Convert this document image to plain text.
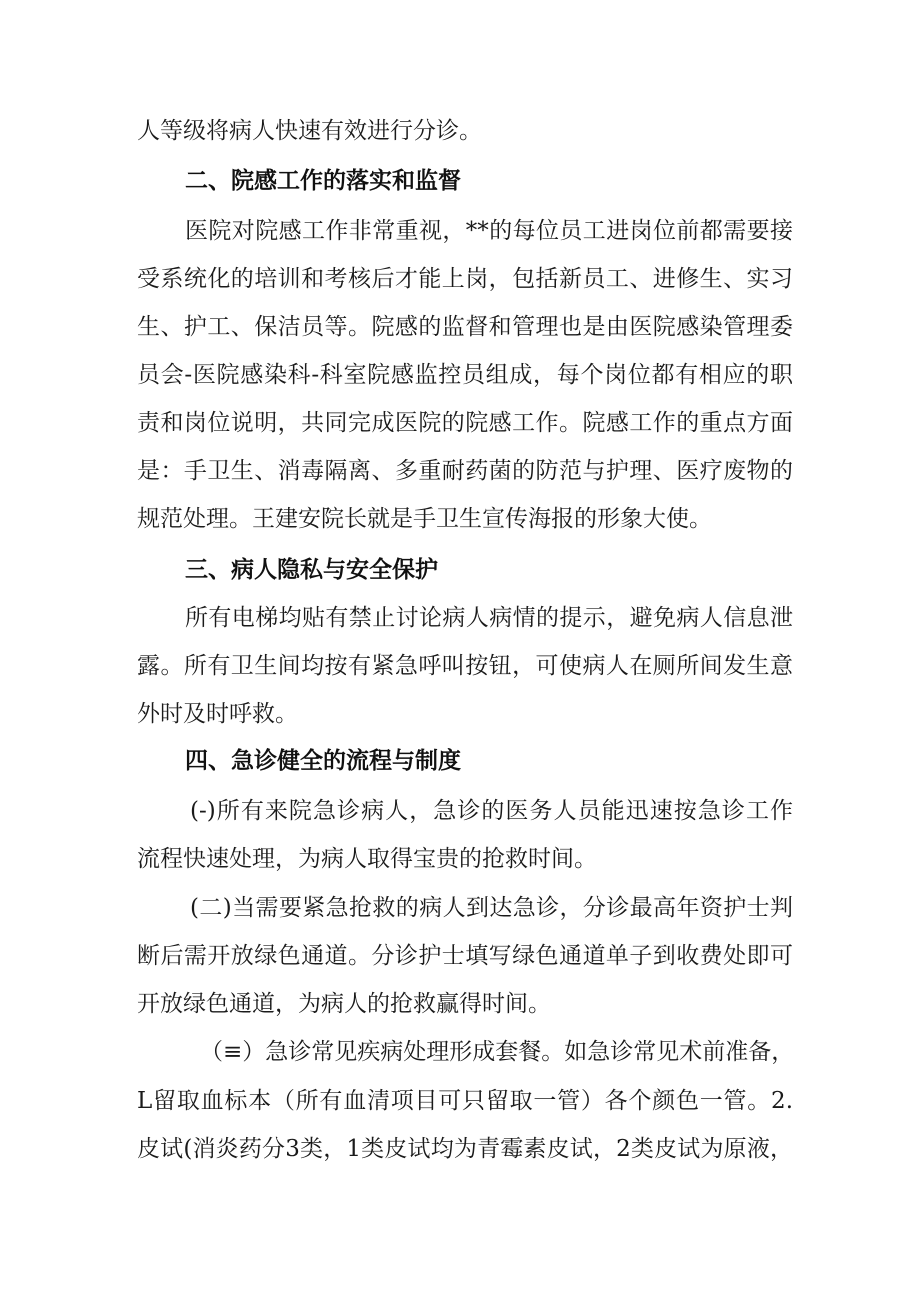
人等级将病人快速有效进行分诊。

二、院感工作的落实和监督

医院对院感工作非常重视，**的每位员工进岗位前都需要接

受系统化的培训和考核后才能上岗，包括新员工、进修生、实习

生、护工、保洁员等。院感的监督和管理也是由医院感染管理委

员会-医院感染科-科室院感监控员组成，每个岗位都有相应的职

责和岗位说明，共同完成医院的院感工作。院感工作的重点方面

是：手卫生、消毒隔离、多重耐药菌的防范与护理、医疗废物的

规范处理。王建安院长就是手卫生宣传海报的形象大使。

三、病人隐私与安全保护

所有电梯均贴有禁止讨论病人病情的提示，避免病人信息泄

露。所有卫生间均按有紧急呼叫按钮，可使病人在厕所间发生意

外时及时呼救。

四、急诊健全的流程与制度

(-)所有来院急诊病人，急诊的医务人员能迅速按急诊工作

流程快速处理，为病人取得宝贵的抢救时间。

(二)当需要紧急抢救的病人到达急诊，分诊最高年资护士判

断后需开放绿色通道。分诊护士填写绿色通道单子到收费处即可

开放绿色通道，为病人的抢救赢得时间。

（≡）急诊常见疾病处理形成套餐。如急诊常见术前准备，

L留取血标本（所有血清项目可只留取一管）各个颜色一管。2.

皮试(消炎药分3类，1类皮试均为青霉素皮试，2类皮试为原液，
